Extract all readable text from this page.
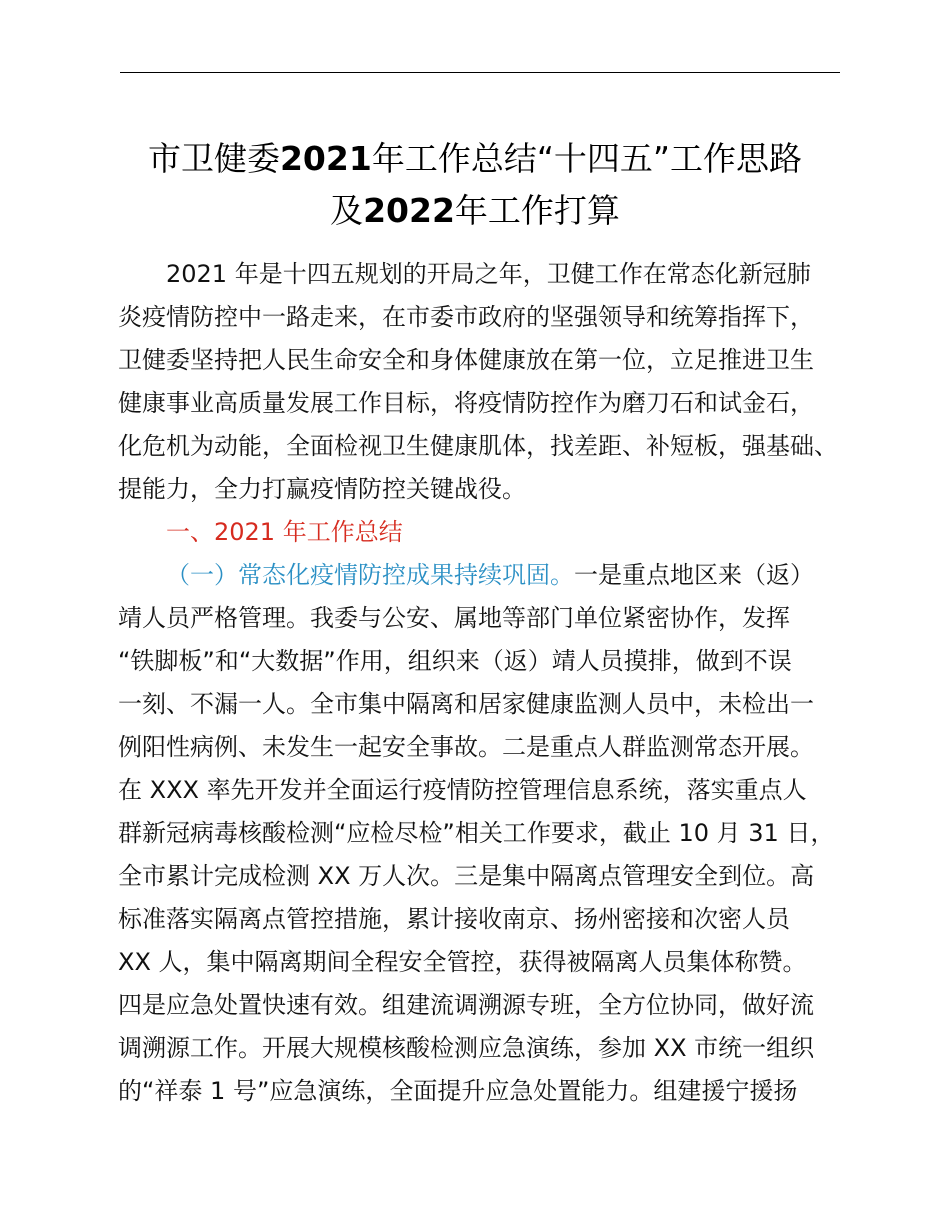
市卫健委2021年工作总结“十四五”工作思路
及2022年工作打算
2021 年是十四五规划的开局之年，卫健工作在常态化新冠肺
炎疫情防控中一路走来，在市委市政府的坚强领导和统筹指挥下，
卫健委坚持把人民生命安全和身体健康放在第一位，立足推进卫生
健康事业高质量发展工作目标，将疫情防控作为磨刀石和试金石，
化危机为动能，全面检视卫生健康肌体，找差距、补短板，强基础、
提能力，全力打赢疫情防控关键战役。
一、2021 年工作总结
（一）常态化疫情防控成果持续巩固。一是重点地区来（返）
靖人员严格管理。我委与公安、属地等部门单位紧密协作，发挥
“铁脚板”和“大数据”作用，组织来（返）靖人员摸排，做到不误
一刻、不漏一人。全市集中隔离和居家健康监测人员中，未检出一
例阳性病例、未发生一起安全事故。二是重点人群监测常态开展。
在 XXX 率先开发并全面运行疫情防控管理信息系统，落实重点人
群新冠病毒核酸检测“应检尽检”相关工作要求，截止 10 月 31 日，
全市累计完成检测 XX 万人次。三是集中隔离点管理安全到位。高
标准落实隔离点管控措施，累计接收南京、扬州密接和次密人员
XX 人，集中隔离期间全程安全管控，获得被隔离人员集体称赞。
四是应急处置快速有效。组建流调溯源专班，全方位协同，做好流
调溯源工作。开展大规模核酸检测应急演练，参加 XX 市统一组织
的“祥泰 1 号”应急演练，全面提升应急处置能力。组建援宁援扬
